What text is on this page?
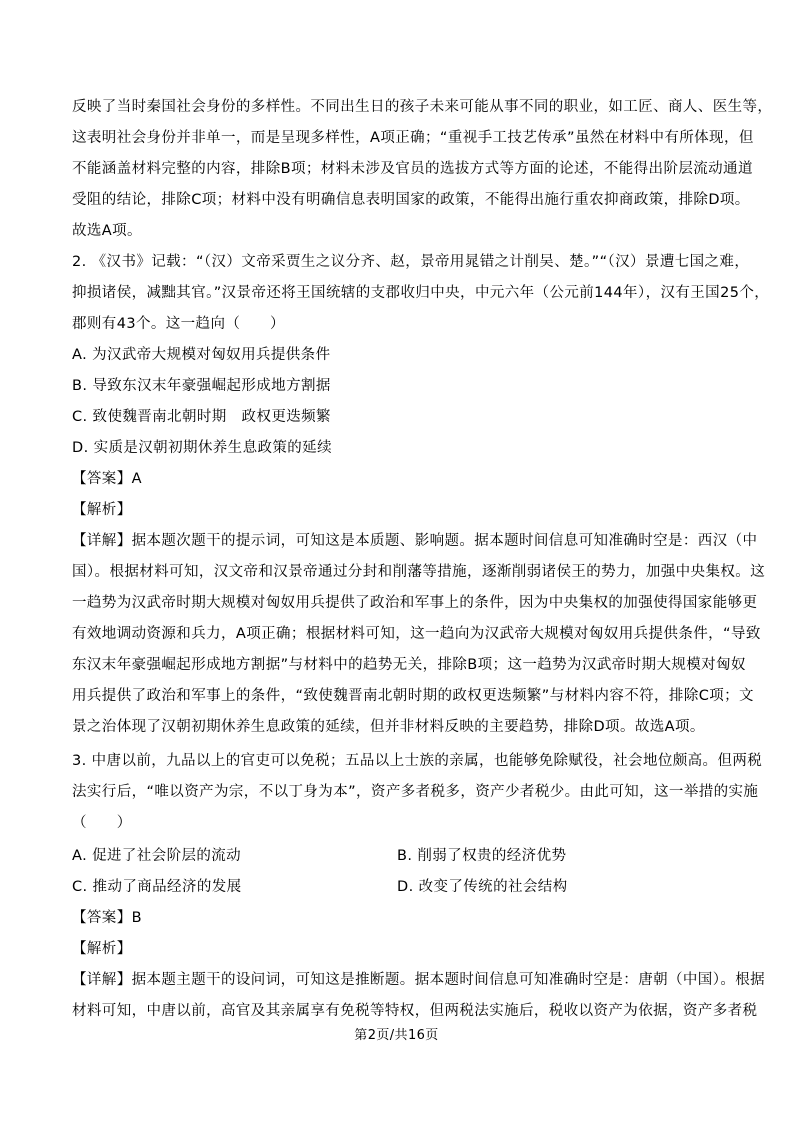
反映了当时秦国社会身份的多样性。不同出生日的孩子未来可能从事不同的职业，如工匠、商人、医生等，
这表明社会身份并非单一，而是呈现多样性，A项正确；“重视手工技艺传承”虽然在材料中有所体现，但
不能涵盖材料完整的内容，排除B项；材料未涉及官员的选拔方式等方面的论述，不能得出阶层流动通道
受阻的结论，排除C项；材料中没有明确信息表明国家的政策，不能得出施行重农抑商政策，排除D项。
故选A项。
2. 《汉书》记载：“（汉）文帝采贾生之议分齐、赵，景帝用晁错之计削吴、楚。”“（汉）景遭七国之难，
抑损诸侯，减黜其官。”汉景帝还将王国统辖的支郡收归中央，中元六年（公元前144年），汉有王国25个，
郡则有43个。这一趋向（　　）
A. 为汉武帝大规模对匈奴用兵提供条件
B. 导致东汉末年豪强崛起形成地方割据
C. 致使魏晋南北朝时期　政权更迭频繁
D. 实质是汉朝初期休养生息政策的延续
【答案】A
【解析】
【详解】据本题次题干的提示词，可知这是本质题、影响题。据本题时间信息可知准确时空是：西汉（中
国）。根据材料可知，汉文帝和汉景帝通过分封和削藩等措施，逐渐削弱诸侯王的势力，加强中央集权。这
一趋势为汉武帝时期大规模对匈奴用兵提供了政治和军事上的条件，因为中央集权的加强使得国家能够更
有效地调动资源和兵力，A项正确；根据材料可知，这一趋向为汉武帝大规模对匈奴用兵提供条件，“导致
东汉末年豪强崛起形成地方割据”与材料中的趋势无关，排除B项；这一趋势为汉武帝时期大规模对匈奴
用兵提供了政治和军事上的条件，“致使魏晋南北朝时期的政权更迭频繁”与材料内容不符，排除C项；文
景之治体现了汉朝初期休养生息政策的延续，但并非材料反映的主要趋势，排除D项。故选A项。
3. 中唐以前，九品以上的官吏可以免税；五品以上士族的亲属，也能够免除赋役，社会地位颇高。但两税
法实行后，“唯以资产为宗，不以丁身为本”，资产多者税多，资产少者税少。由此可知，这一举措的实施
（　　）
A. 促进了社会阶层的流动	B. 削弱了权贵的经济优势
C. 推动了商品经济的发展	D. 改变了传统的社会结构
【答案】B
【解析】
【详解】据本题主题干的设问词，可知这是推断题。据本题时间信息可知准确时空是：唐朝（中国）。根据
材料可知，中唐以前，高官及其亲属享有免税等特权，但两税法实施后，税收以资产为依据，资产多者税
第2页/共16页
